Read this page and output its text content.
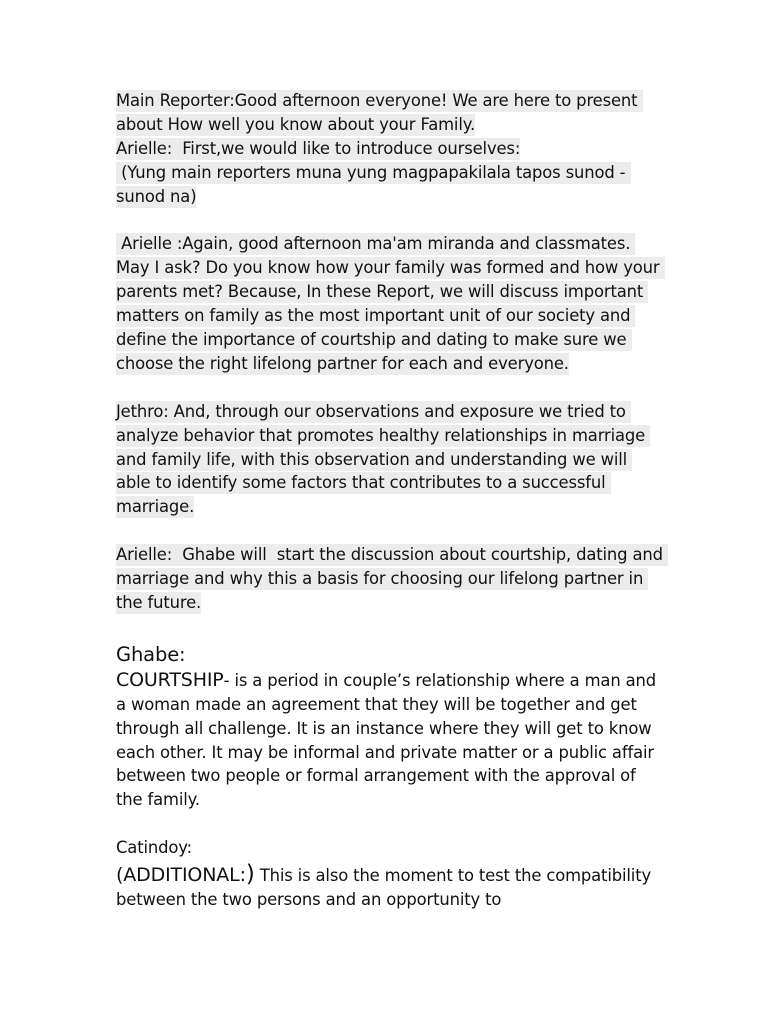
Main Reporter:Good afternoon everyone! We are here to present about How well you know about your Family.
Arielle:  First,we would like to introduce ourselves:
(Yung main reporters muna yung magpapakilala tapos sunod - sunod na)

Arielle :Again, good afternoon ma'am miranda and classmates. May I ask? Do you know how your family was formed and how your parents met? Because, In these Report, we will discuss important matters on family as the most important unit of our society and define the importance of courtship and dating to make sure we choose the right lifelong partner for each and everyone.

Jethro: And, through our observations and exposure we tried to analyze behavior that promotes healthy relationships in marriage and family life, with this observation and understanding we will able to identify some factors that contributes to a successful marriage.

Arielle:  Ghabe will  start the discussion about courtship, dating and marriage and why this a basis for choosing our lifelong partner in the future.

Ghabe:

COURTSHIP- is a period in couple’s relationship where a man and a woman made an agreement that they will be together and get through all challenge. It is an instance where they will get to know each other. It may be informal and private matter or a public affair between two people or formal arrangement with the approval of the family.

Catindoy:

(ADDITIONAL:) This is also the moment to test the compatibility between the two persons and an opportunity to
